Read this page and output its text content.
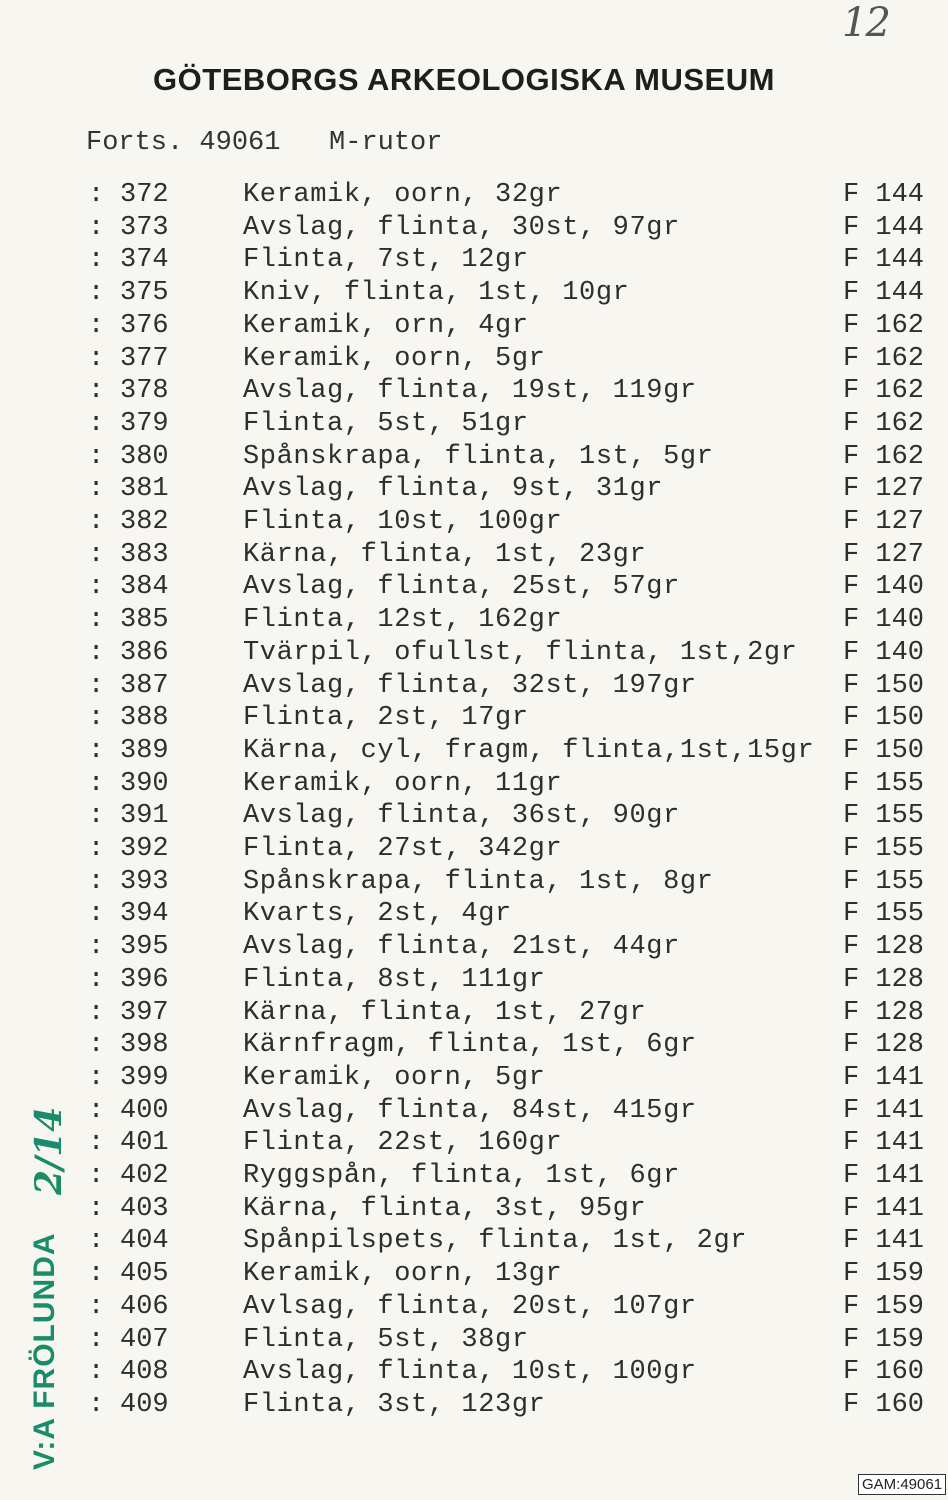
12
GÖTEBORGS ARKEOLOGISKA MUSEUM
Forts. 49061 M-rutor
: 372	Keramik, oorn, 32gr	F 144
: 373	Avslag, flinta, 30st, 97gr	F 144
: 374	Flinta, 7st, 12gr	F 144
: 375	Kniv, flinta, 1st, 10gr	F 144
: 376	Keramik, orn, 4gr	F 162
: 377	Keramik, oorn, 5gr	F 162
: 378	Avslag, flinta, 19st, 119gr	F 162
: 379	Flinta, 5st, 51gr	F 162
: 380	Spånskrapa, flinta, 1st, 5gr	F 162
: 381	Avslag, flinta, 9st, 31gr	F 127
: 382	Flinta, 10st, 100gr	F 127
: 383	Kärna, flinta, 1st, 23gr	F 127
: 384	Avslag, flinta, 25st, 57gr	F 140
: 385	Flinta, 12st, 162gr	F 140
: 386	Tvärpil, ofullst, flinta, 1st,2gr F 140
: 387	Avslag, flinta, 32st, 197gr	F 150
: 388	Flinta, 2st, 17gr	F 150
: 389	Kärna, cyl, fragm, flinta,1st,15gr F 150
: 390	Keramik, oorn, 11gr	F 155
: 391	Avslag, flinta, 36st, 90gr	F 155
: 392	Flinta, 27st, 342gr	F 155
: 393	Spånskrapa, flinta, 1st, 8gr	F 155
: 394	Kvarts, 2st, 4gr	F 155
: 395	Avslag, flinta, 21st, 44gr	F 128
: 396	Flinta, 8st, 111gr	F 128
: 397	Kärna, flinta, 1st, 27gr	F 128
: 398	Kärnfragm, flinta, 1st, 6gr	F 128
: 399	Keramik, oorn, 5gr	F 141
: 400	Avslag, flinta, 84st, 415gr	F 141
: 401	Flinta, 22st, 160gr	F 141
: 402	Ryggspån, flinta, 1st, 6gr	F 141
: 403	Kärna, flinta, 3st, 95gr	F 141
: 404	Spånpilspets, flinta, 1st, 2gr	F 141
: 405	Keramik, oorn, 13gr	F 159
: 406	Avlsag, flinta, 20st, 107gr	F 159
: 407	Flinta, 5st, 38gr	F 159
: 408	Avslag, flinta, 10st, 100gr	F 160
: 409	Flinta, 3st, 123gr	F 160
2/14
V:A FRÖLUNDA
GAM:49061
